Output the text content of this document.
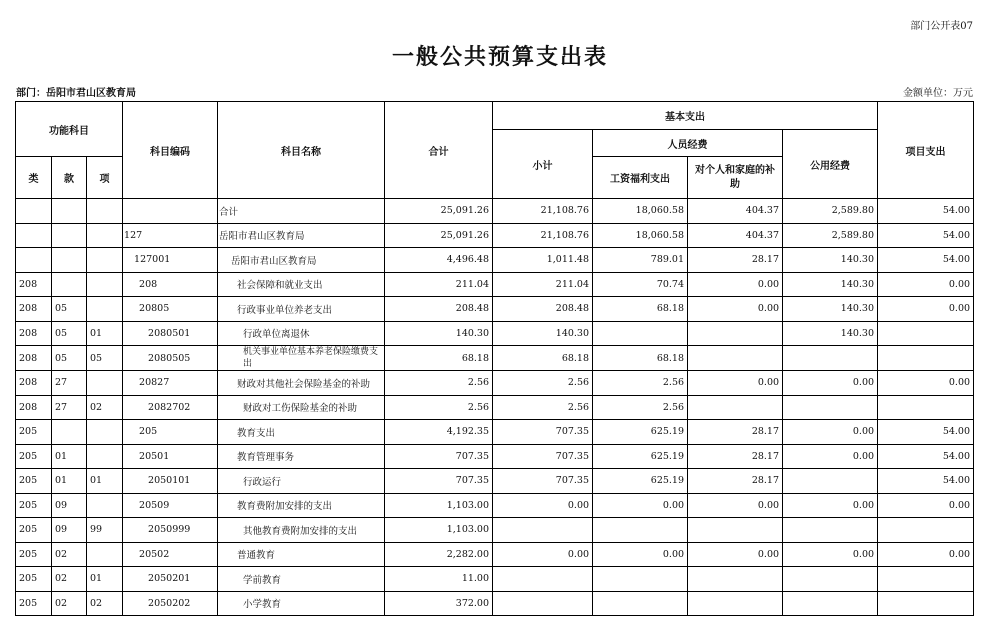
部门公开表07
一般公共预算支出表
部门：岳阳市君山区教育局	金额单位：万元
功能科目			科目编码	科目名称	合计	基本支出				项目支出
						小计	人员经费		公用经费	
类	款	项					工资福利支出	对个人和家庭的补助		
				合计	25,091.26	21,108.76	18,060.58	404.37	2,589.80	54.00
			127	岳阳市君山区教育局	25,091.26	21,108.76	18,060.58	404.37	2,589.80	54.00
			127001	岳阳市君山区教育局	4,496.48	1,011.48	789.01	28.17	140.30	54.00
208			208	社会保障和就业支出	211.04	211.04	70.74	0.00	140.30	0.00
208	05		20805	行政事业单位养老支出	208.48	208.48	68.18	0.00	140.30	0.00
208	05	01	2080501	行政单位离退休	140.30	140.30			140.30	
208	05	05	2080505	机关事业单位基本养老保险缴费支出	68.18	68.18	68.18			
208	27		20827	财政对其他社会保险基金的补助	2.56	2.56	2.56	0.00	0.00	0.00
208	27	02	2082702	财政对工伤保险基金的补助	2.56	2.56	2.56			
205			205	教育支出	4,192.35	707.35	625.19	28.17	0.00	54.00
205	01		20501	教育管理事务	707.35	707.35	625.19	28.17	0.00	54.00
205	01	01	2050101	行政运行	707.35	707.35	625.19	28.17		54.00
205	09		20509	教育费附加安排的支出	1,103.00	0.00	0.00	0.00	0.00	0.00
205	09	99	2050999	其他教育费附加安排的支出	1,103.00					
205	02		20502	普通教育	2,282.00	0.00	0.00	0.00	0.00	0.00
205	02	01	2050201	学前教育	11.00					
205	02	02	2050202	小学教育	372.00					
